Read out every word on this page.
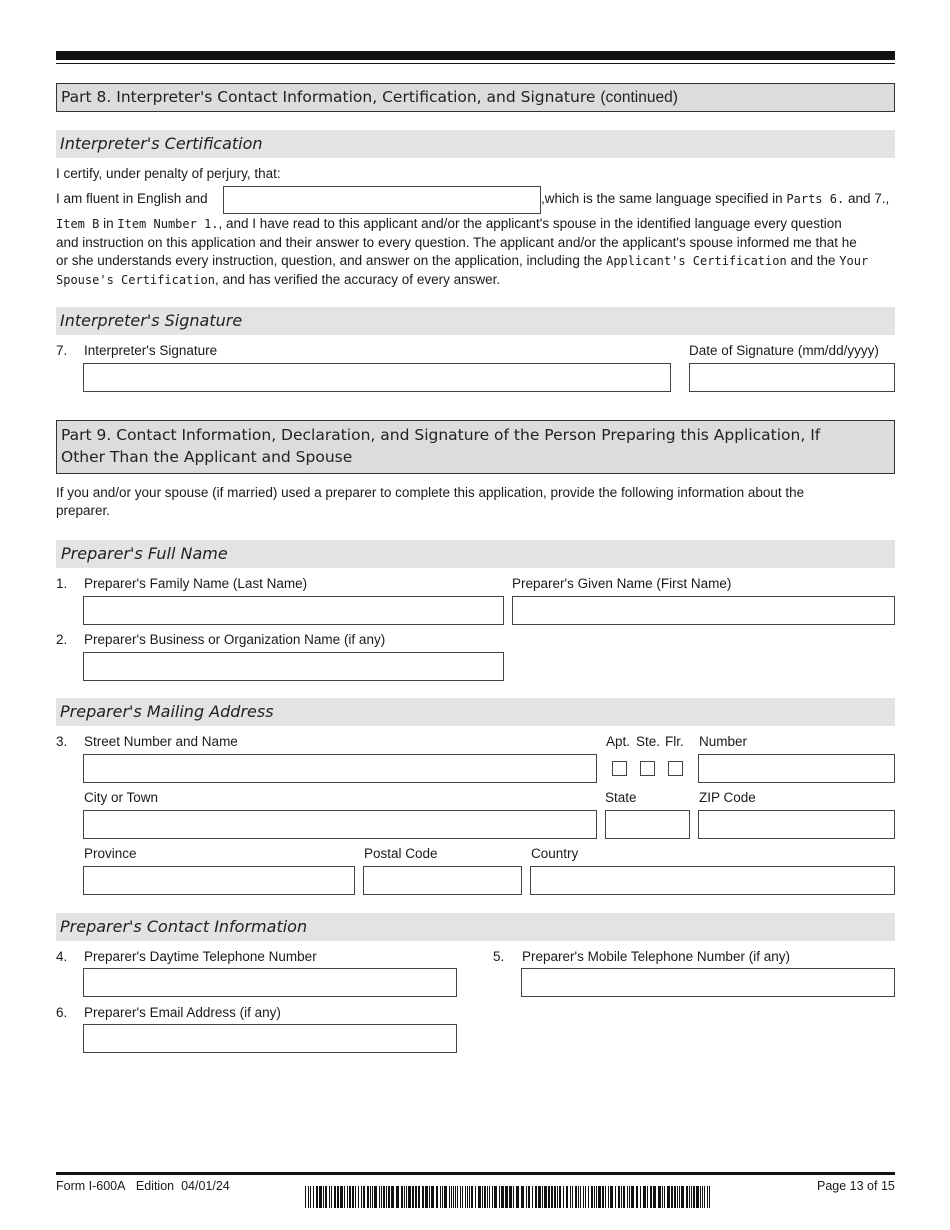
Part 8. Interpreter's Contact Information, Certification, and Signature (continued)
Interpreter's Certification
I certify, under penalty of perjury, that:
I am fluent in English and	,which is the same language specified in Parts 6. and 7.,
Item B in Item Number 1., and I have read to this applicant and/or the applicant's spouse in the identified language every question
and instruction on this application and their answer to every question. The applicant and/or the applicant's spouse informed me that he
or she understands every instruction, question, and answer on the application, including the Applicant's Certification and the Your
Spouse's Certification, and has verified the accuracy of every answer.
Interpreter's Signature
7. Interpreter's Signature	Date of Signature (mm/dd/yyyy)
Part 9. Contact Information, Declaration, and Signature of the Person Preparing this Application, If
Other Than the Applicant and Spouse
If you and/or your spouse (if married) used a preparer to complete this application, provide the following information about the
preparer.
Preparer's Full Name
1. Preparer's Family Name (Last Name)	Preparer's Given Name (First Name)
2. Preparer's Business or Organization Name (if any)
Preparer's Mailing Address
3. Street Number and Name	Apt. Ste. Flr. Number
City or Town	State	ZIP Code
Province	Postal Code	Country
Preparer's Contact Information
4. Preparer's Daytime Telephone Number	5. Preparer's Mobile Telephone Number (if any)
6. Preparer's Email Address (if any)
Form I-600A Edition 04/01/24	Page 13 of 15
